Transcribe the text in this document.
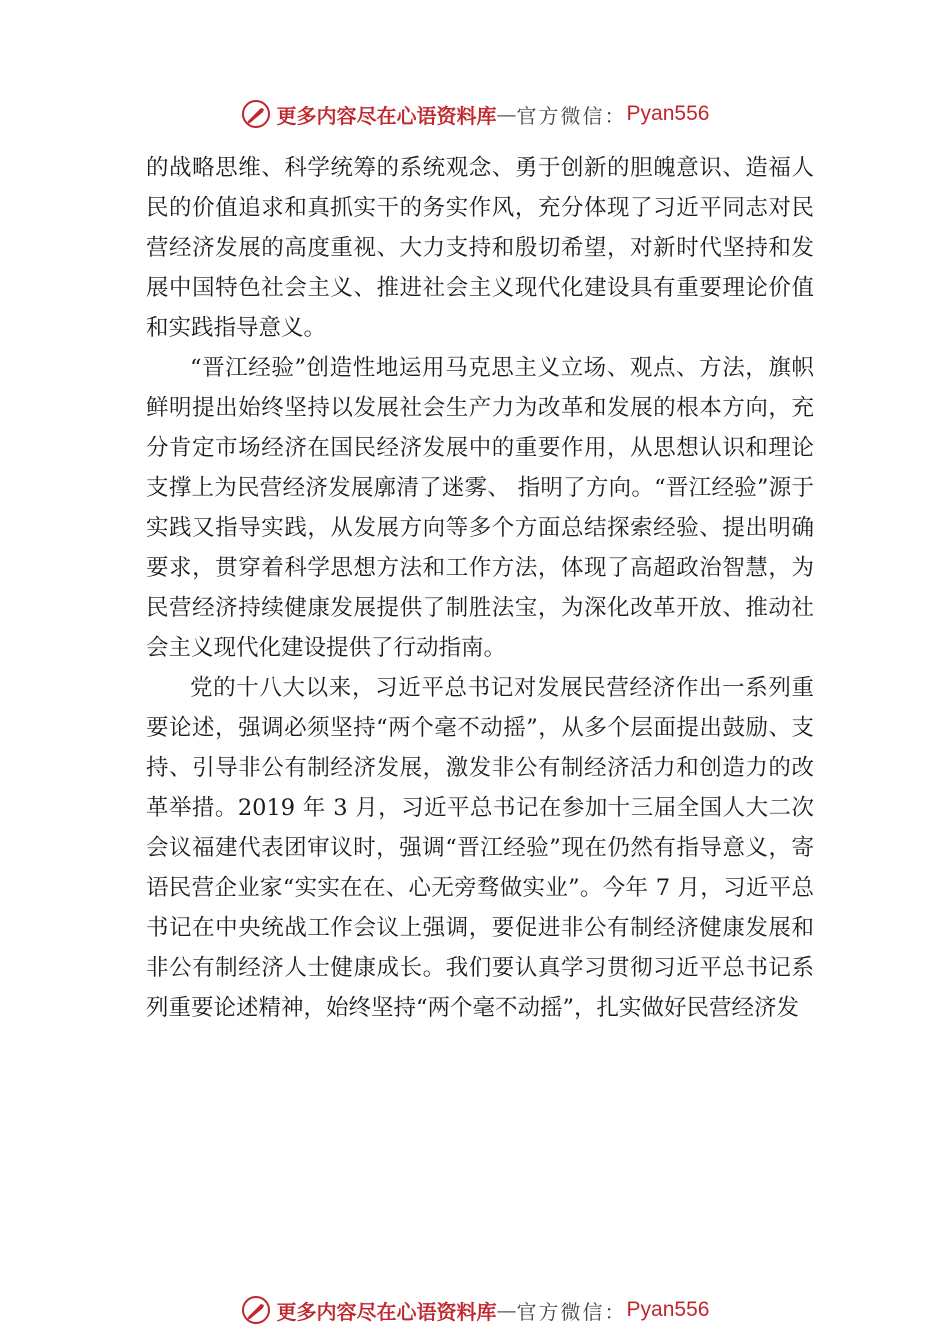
更多内容尽在心语资料库 — 官方微信： Pyan556

的战略思维、科学统筹的系统观念、勇于创新的胆魄意识、造福人民的价值追求和真抓实干的务实作风，充分体现了习近平同志对民营经济发展的高度重视、大力支持和殷切希望，对新时代坚持和发展中国特色社会主义、推进社会主义现代化建设具有重要理论价值和实践指导意义。

“晋江经验”创造性地运用马克思主义立场、观点、方法，旗帜鲜明提出始终坚持以发展社会生产力为改革和发展的根本方向，充分肯定市场经济在国民经济发展中的重要作用，从思想认识和理论支撑上为民营经济发展廓清了迷雾、 指明了方向。“晋江经验”源于实践又指导实践，从发展方向等多个方面总结探索经验、提出明确要求，贯穿着科学思想方法和工作方法，体现了高超政治智慧，为民营经济持续健康发展提供了制胜法宝，为深化改革开放、推动社会主义现代化建设提供了行动指南。

党的十八大以来，习近平总书记对发展民营经济作出一系列重要论述，强调必须坚持“两个毫不动摇”，从多个层面提出鼓励、支持、引导非公有制经济发展，激发非公有制经济活力和创造力的改革举措。2019 年 3 月，习近平总书记在参加十三届全国人大二次会议福建代表团审议时，强调“晋江经验”现在仍然有指导意义，寄语民营企业家“实实在在、心无旁骛做实业”。今年 7 月，习近平总书记在中央统战工作会议上强调，要促进非公有制经济健康发展和非公有制经济人士健康成长。我们要认真学习贯彻习近平总书记系列重要论述精神，始终坚持“两个毫不动摇”，扎实做好民营经济发

更多内容尽在心语资料库 — 官方微信： Pyan556
